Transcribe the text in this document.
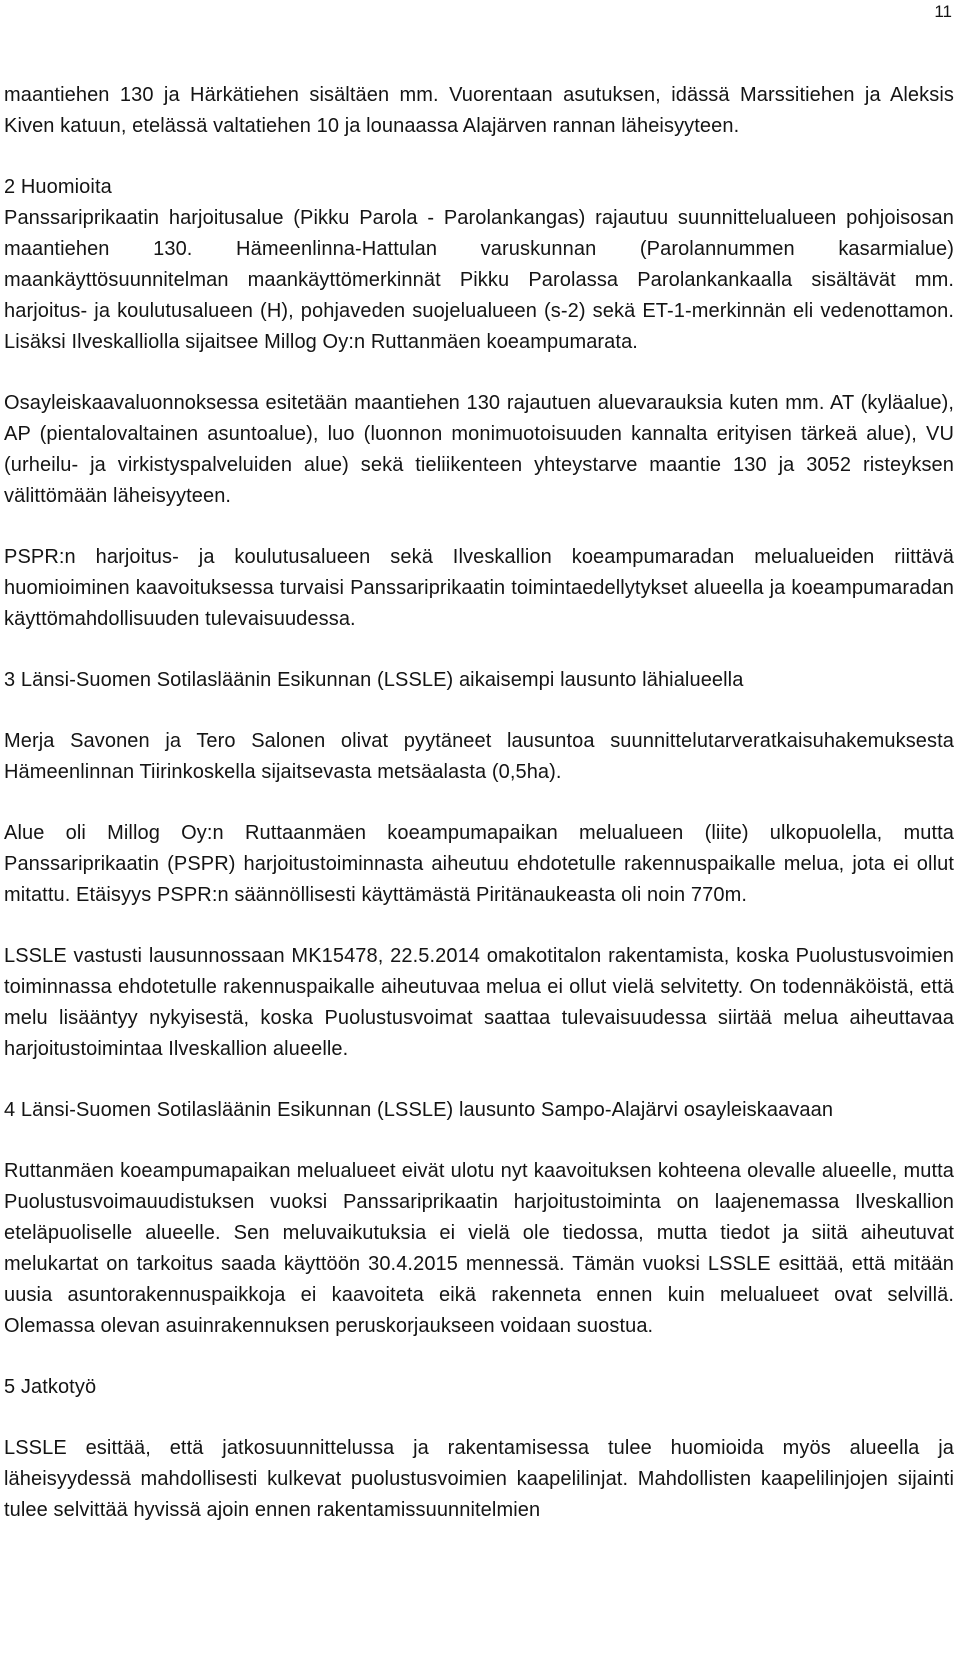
11

maantiehen 130 ja Härkätiehen sisältäen mm. Vuorentaan asutuksen, idässä Marssitiehen ja Aleksis Kiven katuun, etelässä valtatiehen 10 ja lounaassa Alajärven rannan läheisyyteen.

2 Huomioita

Panssariprikaatin harjoitusalue (Pikku Parola - Parolankangas) rajautuu suunnittelualueen pohjoisosan maantiehen 130. Hämeenlinna-Hattulan varuskunnan (Parolannummen kasarmialue) maankäyttösuunnitelman maankäyttömerkinnät Pikku Parolassa Parolankankaalla sisältävät mm. harjoitus- ja koulutusalueen (H), pohjaveden suojelualueen (s-2) sekä ET-1-merkinnän eli vedenottamon. Lisäksi Ilveskalliolla sijaitsee Millog Oy:n Ruttanmäen koeampumarata.

Osayleiskaavaluonnoksessa esitetään maantiehen 130 rajautuen aluevarauksia kuten mm. AT (kyläalue), AP (pientalovaltainen asuntoalue), luo (luonnon monimuotoisuuden kannalta erityisen tärkeä alue), VU (urheilu- ja virkistyspalveluiden alue) sekä tieliikenteen yhteystarve maantie 130 ja 3052 risteyksen välittömään läheisyyteen.

PSPR:n harjoitus- ja koulutusalueen sekä Ilveskallion koeampumaradan melualueiden riittävä huomioiminen kaavoituksessa turvaisi Panssariprikaatin toimintaedellytykset alueella ja koeampumaradan käyttömahdollisuuden tulevaisuudessa.

3 Länsi-Suomen Sotilasläänin Esikunnan (LSSLE) aikaisempi lausunto lähialueella

Merja Savonen ja Tero Salonen olivat pyytäneet lausuntoa suunnittelutarveratkaisuhakemuksesta Hämeenlinnan Tiirinkoskella sijaitsevasta metsäalasta (0,5ha).

Alue oli Millog Oy:n Ruttaanmäen koeampumapaikan melualueen (liite) ulkopuolella, mutta Panssariprikaatin (PSPR) harjoitustoiminnasta aiheutuu ehdotetulle rakennuspaikalle melua, jota ei ollut mitattu. Etäisyys PSPR:n säännöllisesti käyttämästä Piritänaukeasta oli noin 770m.

LSSLE vastusti lausunnossaan MK15478, 22.5.2014 omakotitalon rakentamista, koska Puolustusvoimien toiminnassa ehdotetulle rakennuspaikalle aiheutuvaa melua ei ollut vielä selvitetty. On todennäköistä, että melu lisääntyy nykyisestä, koska Puolustusvoimat saattaa tulevaisuudessa siirtää melua aiheuttavaa harjoitustoimintaa Ilveskallion alueelle.

4 Länsi-Suomen Sotilasläänin Esikunnan (LSSLE) lausunto Sampo-Alajärvi osayleiskaavaan

Ruttanmäen koeampumapaikan melualueet eivät ulotu nyt kaavoituksen kohteena olevalle alueelle, mutta Puolustusvoimauudistuksen vuoksi Panssariprikaatin harjoitustoiminta on laajenemassa Ilveskallion eteläpuoliselle alueelle. Sen meluvaikutuksia ei vielä ole tiedossa, mutta tiedot ja siitä aiheutuvat melukartat on tarkoitus saada käyttöön 30.4.2015 mennessä. Tämän vuoksi LSSLE esittää, että mitään uusia asuntorakennuspaikkoja ei kaavoiteta eikä rakenneta ennen kuin melualueet ovat selvillä. Olemassa olevan asuinrakennuksen peruskorjaukseen voidaan suostua.

5 Jatkotyö

LSSLE esittää, että jatkosuunnittelussa ja rakentamisessa tulee huomioida myös alueella ja läheisyydessä mahdollisesti kulkevat puolustusvoimien kaapelilinjat. Mahdollisten kaapelilinjojen sijainti tulee selvittää hyvissä ajoin ennen rakentamissuunnitelmien
